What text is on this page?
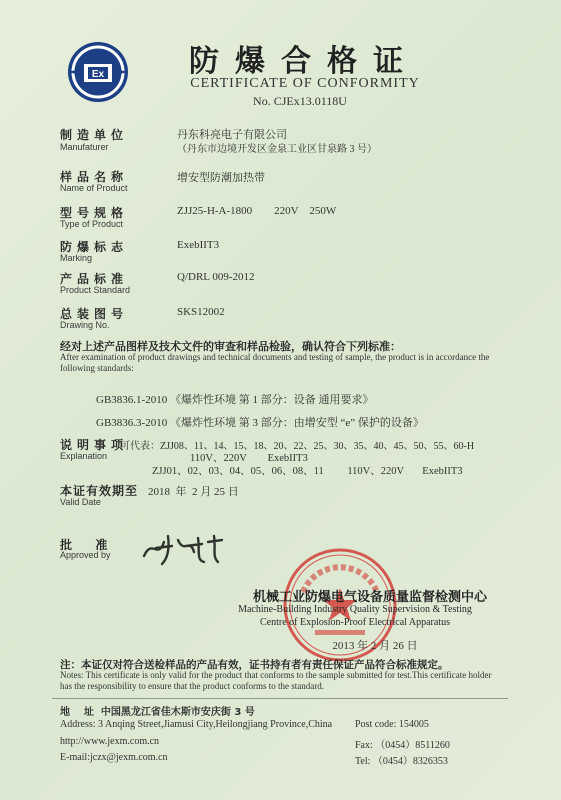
Ex	防爆合格证
CERTIFICATE OF CONFORMITY
No. CJEx13.0118U
制造单位
Manufaturer
丹东科亮电子有限公司
（丹东市边境开发区金泉工业区甘泉路 3 号）
样品名称
Name of Product
增安型防潮加热带
型号规格
Type of Product
ZJJ25-H-A-1800        220V    250W
防爆标志
Marking
ExebIIT3
产品标准
Product Standard
Q/DRL 009-2012
总装图号
Drawing No.
SKS12002
经对上述产品图样及技术文件的审查和样品检验，确认符合下列标准：
After examination of product drawings and technical documents and testing of sample, the product is in accordance the following standards:
GB3836.1-2010 《爆炸性环境 第 1 部分：设备 通用要求》
GB3836.3-2010 《爆炸性环境 第 3 部分：由增安型 “e” 保护的设备》
说明事项
Explanation
可代表：ZJJ08、11、14、15、18、20、22、25、30、35、40、45、50、55、60-H
110V、220V        ExebIIT3
ZJJ01、02、03、04、05、06、08、11         110V、220V       ExebIIT3
本证有效期至
Valid Date
2018  年  2 月 25 日
批  准
Approved by
机械工业防爆电气设备质量监督检测中心
Machine-Building Industry Quality Supervision & Testing
Centre of Explosion-Proof Electrical Apparatus
2013 年 2 月 26 日
注：本证仅对符合送检样品的产品有效，证书持有者有责任保证产品符合标准规定。
Notes: This certificate is only valid for the product that conforms to the sample submitted for test.This certificate holder has the responsibility to ensure that the product conforms to the standard.
地    址  中国黑龙江省佳木斯市安庆街 3 号
Address: 3 Anqing Street,Jiamusi City,Heilongjiang Province,China
http://www.jexm.com.cn
E-mail:jczx@jexm.com.cn
Post code: 154005
Fax: （0454）8511260
Tel: （0454）8326353
